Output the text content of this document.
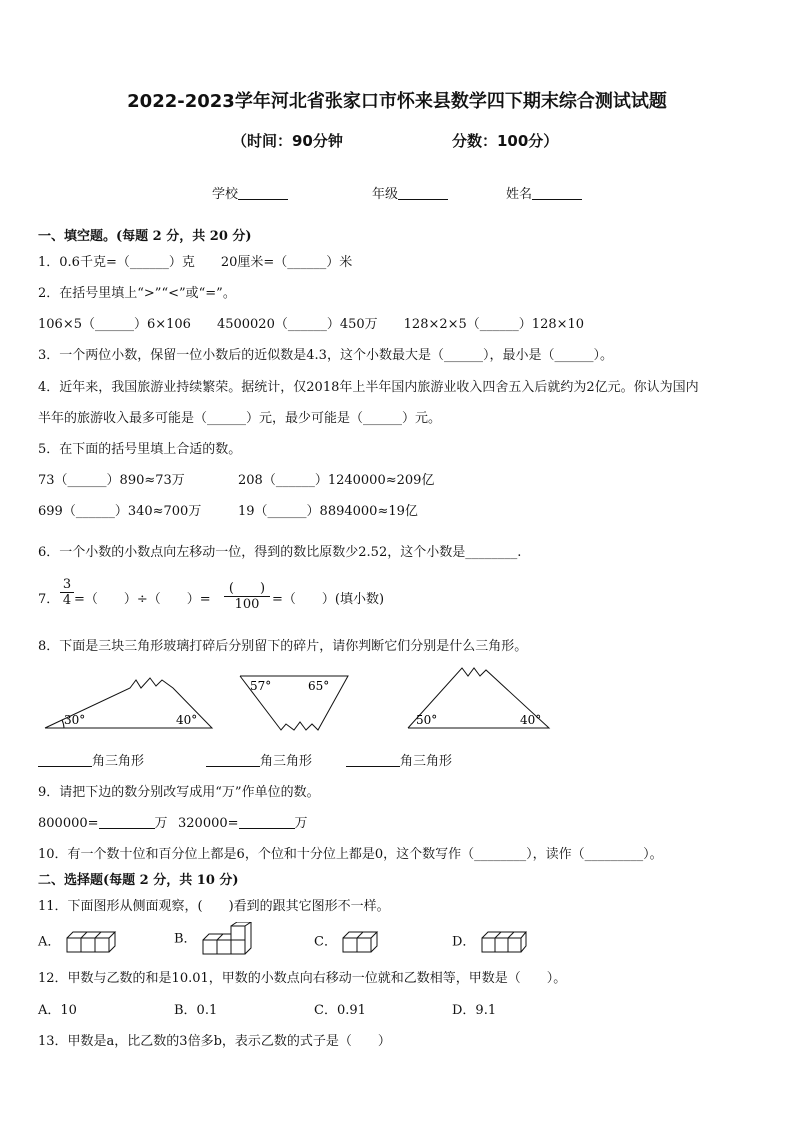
2022-2023学年河北省张家口市怀来县数学四下期末综合测试试题
（时间：90分钟	分数：100分）
学校	年级	姓名
一、填空题。(每题 2 分，共 20 分)
1．0.6千克=（______）克　　20厘米=（______）米
2．在括号里填上“>”“<”或“=”。
106×5（______）6×106　　4500020（______）450万　　128×2×5（______）128×10
3．一个两位小数，保留一位小数后的近似数是4.3，这个小数最大是（______），最小是（______）。
4．近年来，我国旅游业持续繁荣。据统计，仅2018年上半年国内旅游业收入四舍五入后就约为2亿元。你认为国内
半年的旅游收入最多可能是（______）元，最少可能是（______）元。
5．在下面的括号里填上合适的数。
73（______）890≈73万	208（______）1240000≈209亿
699（______）340≈700万	19（______）8894000≈19亿
6．一个小数的小数点向左移动一位，得到的数比原数少2.52，这个小数是________.
7． $\frac{3}{4}$ =（　　）÷（　　）=
(　　)
100 =（　　）(填小数)
8．下面是三块三角形玻璃打碎后分别留下的碎片，请你判断它们分别是什么三角形。
30°	40°
57°	65°
50°	40°
角三角形	角三角形	角三角形
9．请把下边的数分别改写成用“万”作单位的数。
800000=	万 320000=	万
10．有一个数十位和百分位上都是6，个位和十分位上都是0，这个数写作（________），读作（_________）。
二、选择题(每题 2 分，共 10 分)
11．下面图形从侧面观察，(　　)看到的跟其它图形不一样。
A．	B．	C．	D．
12．甲数与乙数的和是10.01，甲数的小数点向右移动一位就和乙数相等，甲数是（　　）。
A．10	B．0.1	C．0.91	D．9.1
13．甲数是a，比乙数的3倍多b，表示乙数的式子是（　　）
